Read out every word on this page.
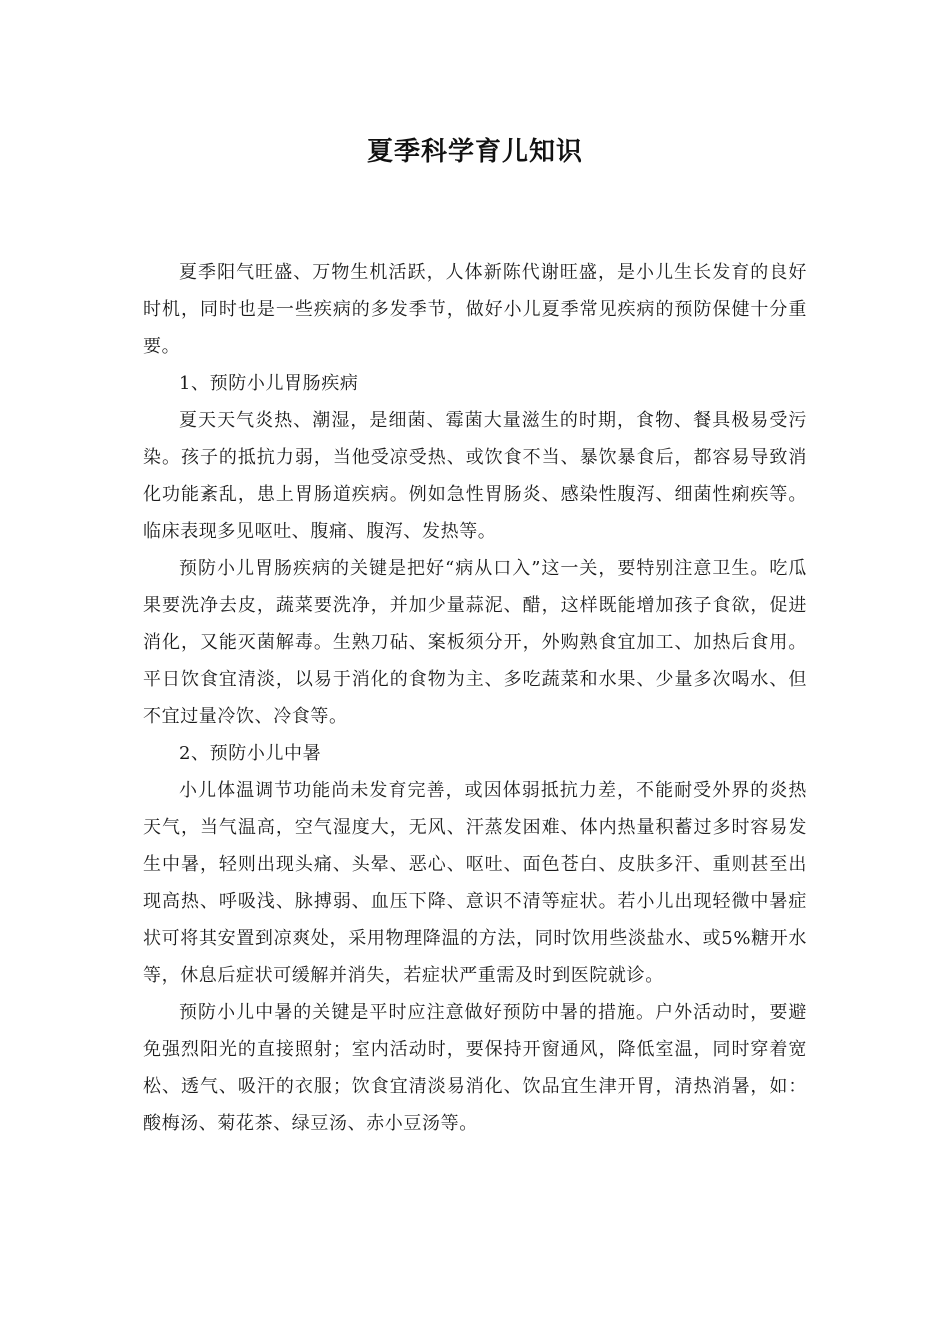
夏季科学育儿知识

夏季阳气旺盛、万物生机活跃，人体新陈代谢旺盛，是小儿生长发育的良好时机，同时也是一些疾病的多发季节，做好小儿夏季常见疾病的预防保健十分重要。

1、预防小儿胃肠疾病

夏天天气炎热、潮湿，是细菌、霉菌大量滋生的时期，食物、餐具极易受污染。孩子的抵抗力弱，当他受凉受热、或饮食不当、暴饮暴食后，都容易导致消化功能紊乱，患上胃肠道疾病。例如急性胃肠炎、感染性腹泻、细菌性痢疾等。临床表现多见呕吐、腹痛、腹泻、发热等。

预防小儿胃肠疾病的关键是把好“病从口入”这一关，要特别注意卫生。吃瓜果要洗净去皮，蔬菜要洗净，并加少量蒜泥、醋，这样既能增加孩子食欲，促进消化，又能灭菌解毒。生熟刀砧、案板须分开，外购熟食宜加工、加热后食用。平日饮食宜清淡，以易于消化的食物为主、多吃蔬菜和水果、少量多次喝水、但不宜过量冷饮、冷食等。

2、预防小儿中暑

小儿体温调节功能尚未发育完善，或因体弱抵抗力差，不能耐受外界的炎热天气，当气温高，空气湿度大，无风、汗蒸发困难、体内热量积蓄过多时容易发生中暑，轻则出现头痛、头晕、恶心、呕吐、面色苍白、皮肤多汗、重则甚至出现高热、呼吸浅、脉搏弱、血压下降、意识不清等症状。若小儿出现轻微中暑症状可将其安置到凉爽处，采用物理降温的方法，同时饮用些淡盐水、或5%糖开水等，休息后症状可缓解并消失，若症状严重需及时到医院就诊。

预防小儿中暑的关键是平时应注意做好预防中暑的措施。户外活动时，要避免强烈阳光的直接照射；室内活动时，要保持开窗通风，降低室温，同时穿着宽松、透气、吸汗的衣服；饮食宜清淡易消化、饮品宜生津开胃，清热消暑，如：酸梅汤、菊花茶、绿豆汤、赤小豆汤等。
